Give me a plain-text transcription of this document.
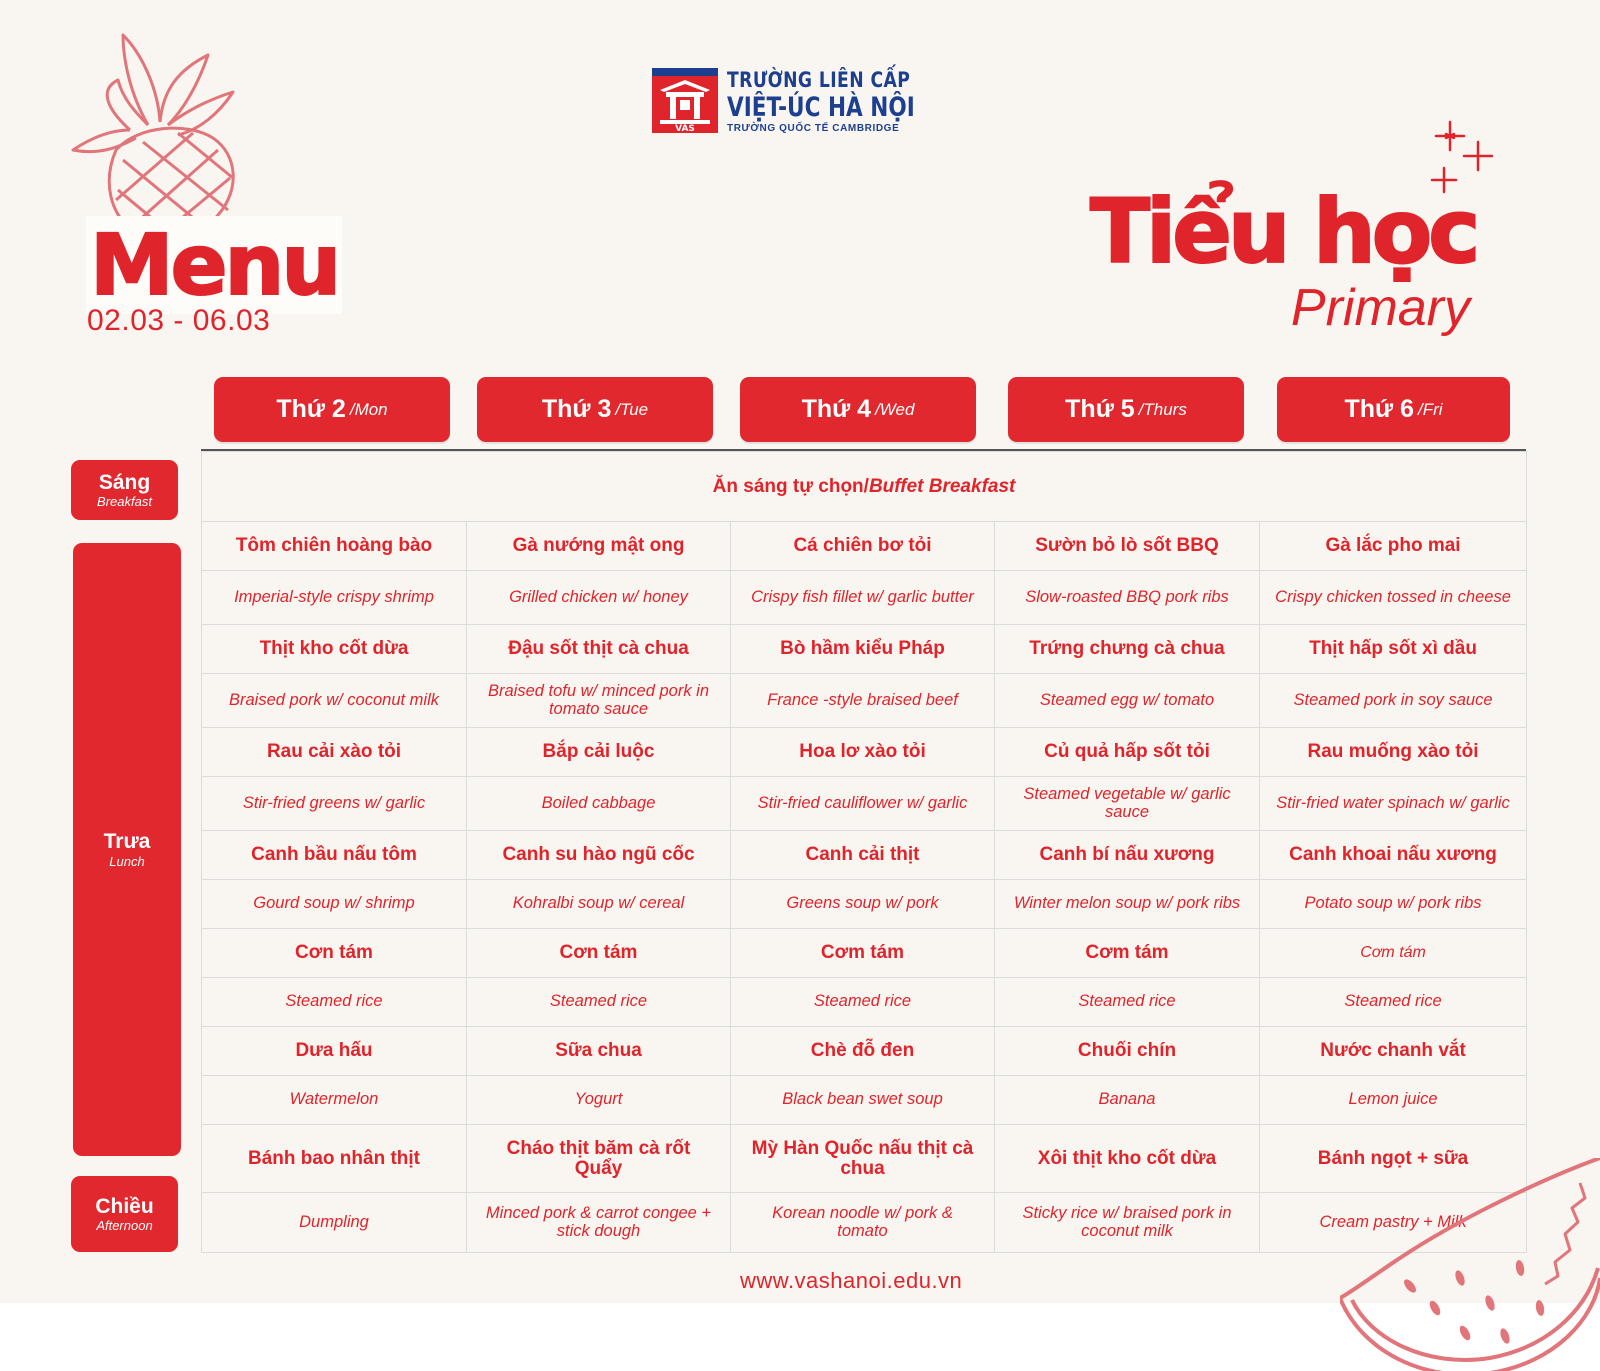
VAS
TRƯỜNG LIÊN CẤP
VIỆT-ÚC HÀ NỘI
TRƯỜNG QUỐC TẾ CAMBRIDGE
Menu
02.03 - 06.03
Tiểu học
Primary
Thứ 2 /Mon	Thứ 3 /Tue	Thứ 4 /Wed	Thứ 5 /Thurs	Thứ 6 /Fri
Sáng
Breakfast
Trưa
Lunch
Chiều
Afternoon
Ăn sáng tự chọn/Buffet Breakfast				
Tôm chiên hoàng bào	Gà nướng mật ong	Cá chiên bơ tỏi	Sườn bỏ lò sốt BBQ	Gà lắc pho mai
Imperial-style crispy shrimp	Grilled chicken w/ honey	Crispy fish fillet w/ garlic butter	Slow-roasted BBQ pork ribs	Crispy chicken tossed in cheese
Thịt kho cốt dừa	Đậu sốt thịt cà chua	Bò hầm kiểu Pháp	Trứng chưng cà chua	Thịt hấp sốt xì dầu
Braised pork w/ coconut milk	Braised tofu w/ minced pork in tomato sauce	France -style braised beef	Steamed egg w/ tomato	Steamed pork in soy sauce
Rau cải xào tỏi	Bắp cải luộc	Hoa lơ xào tỏi	Củ quả hấp sốt tỏi	Rau muống xào tỏi
Stir-fried greens w/ garlic	Boiled cabbage	Stir-fried cauliflower w/ garlic	Steamed vegetable w/ garlic sauce	Stir-fried water spinach w/ garlic
Canh bầu nấu tôm	Canh su hào ngũ cốc	Canh cải thịt	Canh bí nấu xương	Canh khoai nấu xương
Gourd soup w/ shrimp	Kohralbi soup w/ cereal	Greens soup w/ pork	Winter melon soup w/ pork ribs	Potato soup w/ pork ribs
Cơn tám	Cơn tám	Cơm tám	Cơm tám	Cơm tám
Steamed rice	Steamed rice	Steamed rice	Steamed rice	Steamed rice
Dưa hấu	Sữa chua	Chè đỗ đen	Chuối chín	Nước chanh vắt
Watermelon	Yogurt	Black bean swet soup	Banana	Lemon juice
Bánh bao nhân thịt	Cháo thịt băm cà rốt Quẩy	Mỳ Hàn Quốc nấu thịt cà chua	Xôi thịt kho cốt dừa	Bánh ngọt + sữa
Dumpling	Minced pork & carrot congee + stick dough	Korean noodle w/ pork & tomato	Sticky rice w/ braised pork in coconut milk	Cream pastry + Milk
www.vashanoi.edu.vn
